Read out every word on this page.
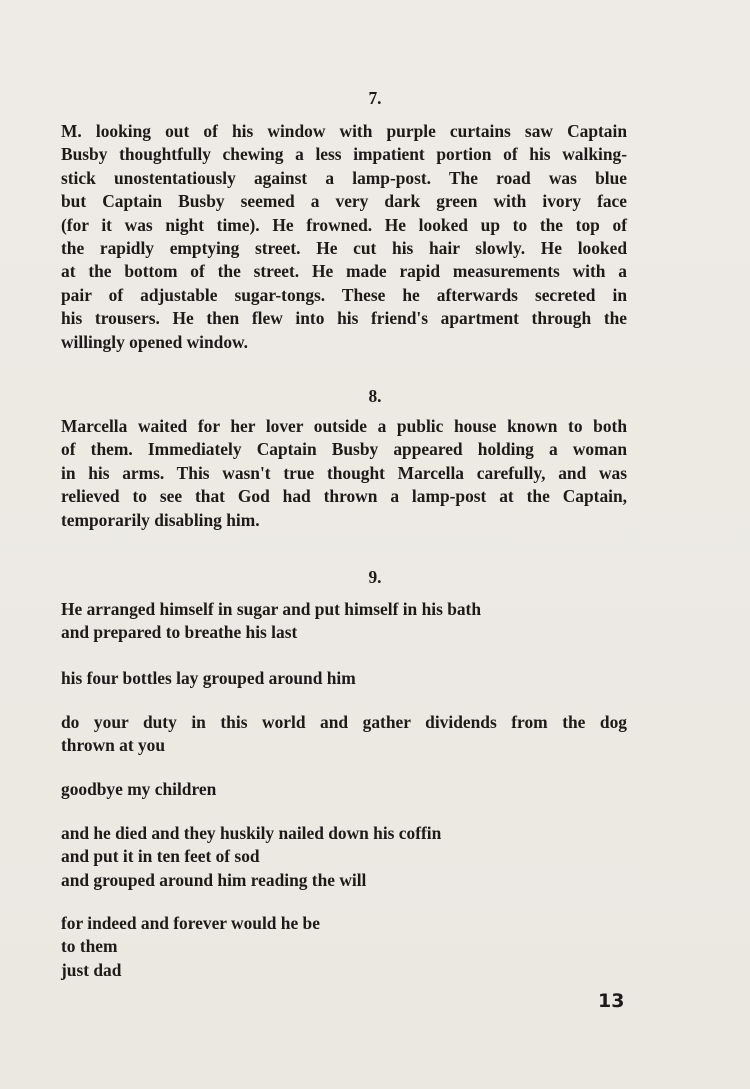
7.
M. looking out of his window with purple curtains saw Captain
Busby thoughtfully chewing a less impatient portion of his walking-
stick unostentatiously against a lamp-post. The road was blue
but Captain Busby seemed a very dark green with ivory face
(for it was night time). He frowned. He looked up to the top of
the rapidly emptying street. He cut his hair slowly. He looked
at the bottom of the street. He made rapid measurements with a
pair of adjustable sugar-tongs. These he afterwards secreted in
his trousers. He then flew into his friend's apartment through the
willingly opened window.
8.
Marcella waited for her lover outside a public house known to both
of them. Immediately Captain Busby appeared holding a woman
in his arms. This wasn't true thought Marcella carefully, and was
relieved to see that God had thrown a lamp-post at the Captain,
temporarily disabling him.
9.
He arranged himself in sugar and put himself in his bath
and prepared to breathe his last
his four bottles lay grouped around him
do your duty in this world and gather dividends from the dog
thrown at you
goodbye my children
and he died and they huskily nailed down his coffin
and put it in ten feet of sod
and grouped around him reading the will
for indeed and forever would he be
to them
just dad
13
